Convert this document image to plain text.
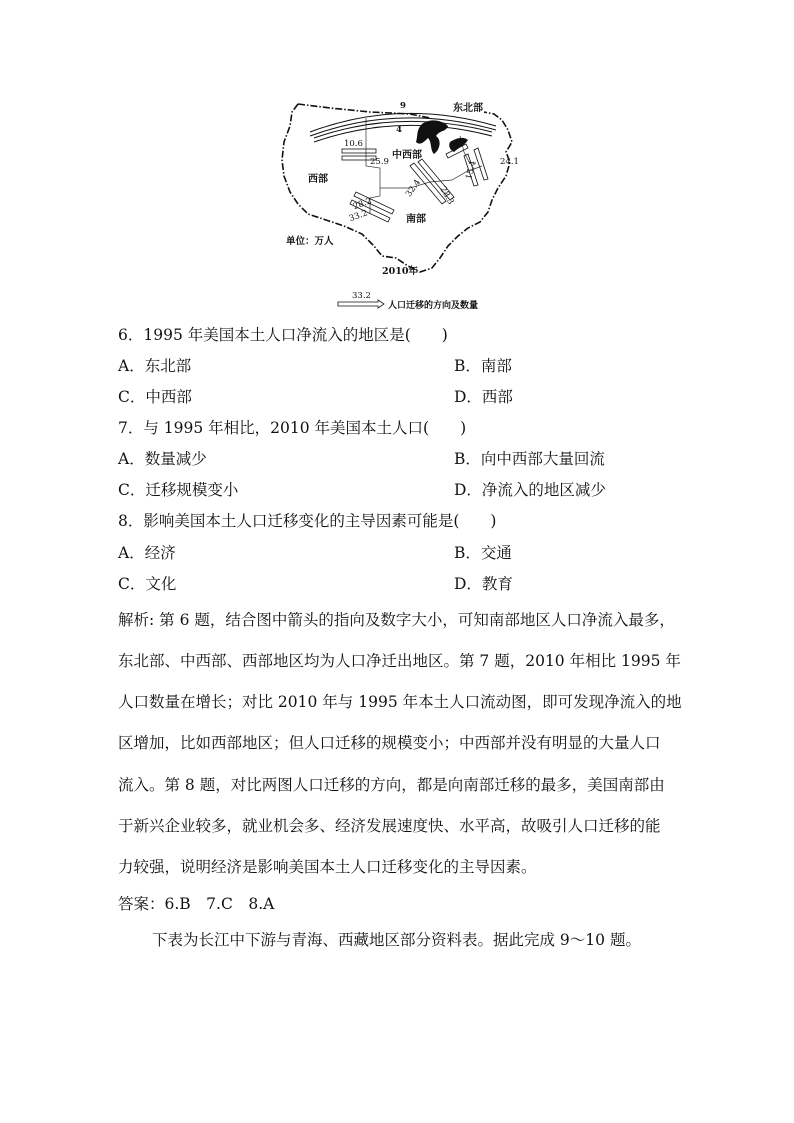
东北部
中西部
西部
南部
9
4
10.6
25.9
32.4 28.3
28.2
33.2
15.4 24.1
单位：万人
2010年
33.2
人口迁移的方向及数量
6．1995 年美国本土人口净流入的地区是(　　)
A．东北部	B．南部
C．中西部	D．西部
7．与 1995 年相比，2010 年美国本土人口(　　)
A．数量减少	B．向中西部大量回流
C．迁移规模变小	D．净流入的地区减少
8．影响美国本土人口迁移变化的主导因素可能是(　　)
A．经济	B．交通
C．文化	D．教育
解析: 第 6 题，结合图中箭头的指向及数字大小，可知南部地区人口净流入最多，
东北部、中西部、西部地区均为人口净迁出地区。第 7 题，2010 年相比 1995 年
人口数量在增长；对比 2010 年与 1995 年本土人口流动图，即可发现净流入的地
区增加，比如西部地区；但人口迁移的规模变小；中西部并没有明显的大量人口
流入。第 8 题，对比两图人口迁移的方向，都是向南部迁移的最多，美国南部由
于新兴企业较多，就业机会多、经济发展速度快、水平高，故吸引人口迁移的能
力较强，说明经济是影响美国本土人口迁移变化的主导因素。
答案：6.B　7.C　8.A
下表为长江中下游与青海、西藏地区部分资料表。据此完成 9～10 题。
